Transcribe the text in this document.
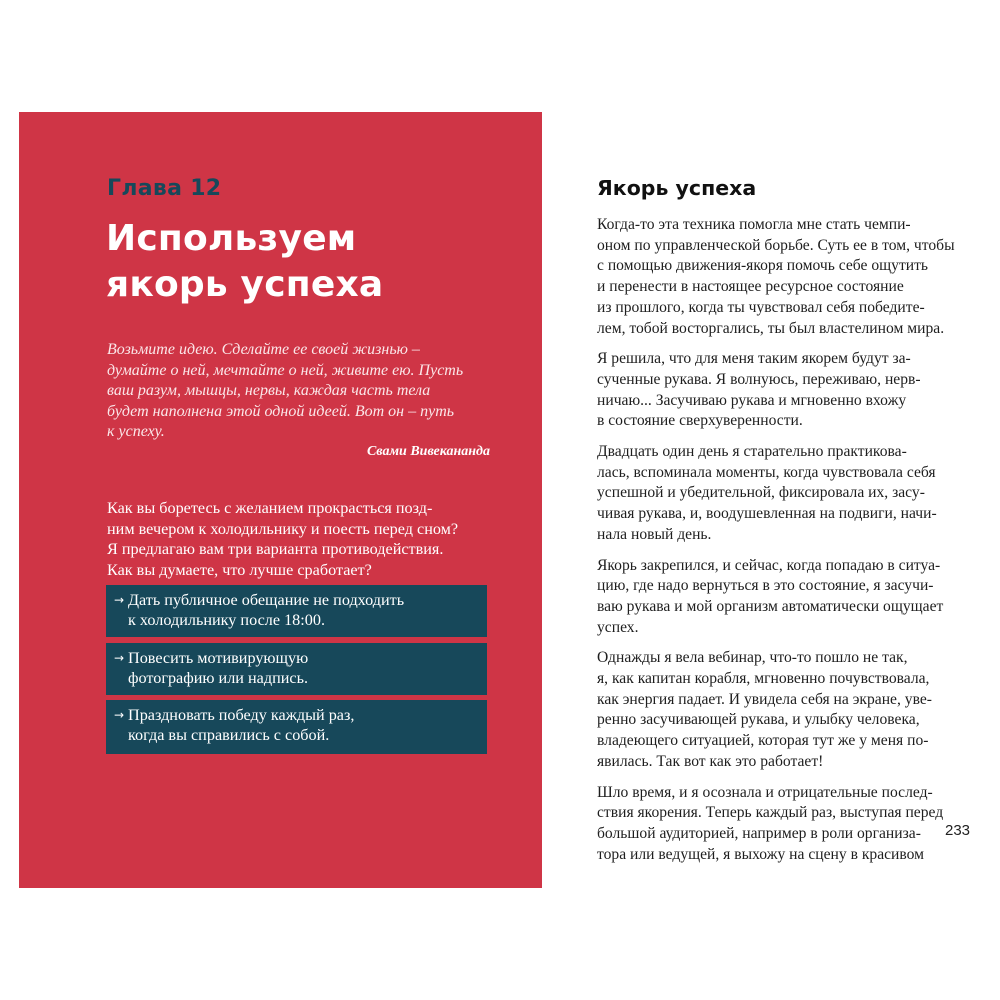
Глава 12
Используем
якорь успеха
Возьмите идею. Сделайте ее своей жизнью –
думайте о ней, мечтайте о ней, живите ею. Пусть
ваш разум, мышцы, нервы, каждая часть тела
будет наполнена этой одной идеей. Вот он – путь
к успеху.
Свами Вивекананда
Как вы боретесь с желанием прокрасться позд-
ним вечером к холодильнику и поесть перед сном?
Я предлагаю вам три варианта противодействия.
Как вы думаете, что лучше сработает?
→ Дать публичное обещание не подходить
к холодильнику после 18:00.
→ Повесить мотивирующую
фотографию или надпись.
→ Праздновать победу каждый раз,
когда вы справились с собой.
Якорь успеха
Когда-то эта техника помогла мне стать чемпи-
оном по управленческой борьбе. Суть ее в том, чтобы
с помощью движения-якоря помочь себе ощутить
и перенести в настоящее ресурсное состояние
из прошлого, когда ты чувствовал себя победите-
лем, тобой восторгались, ты был властелином мира.
Я решила, что для меня таким якорем будут за-
сученные рукава. Я волнуюсь, переживаю, нерв-
ничаю... Засучиваю рукава и мгновенно вхожу
в состояние сверхуверенности.
Двадцать один день я старательно практикова-
лась, вспоминала моменты, когда чувствовала себя
успешной и убедительной, фиксировала их, засу-
чивая рукава, и, воодушевленная на подвиги, начи-
нала новый день.
Якорь закрепился, и сейчас, когда попадаю в ситуа-
цию, где надо вернуться в это состояние, я засучи-
ваю рукава и мой организм автоматически ощущает
успех.
Однажды я вела вебинар, что-то пошло не так,
я, как капитан корабля, мгновенно почувствовала,
как энергия падает. И увидела себя на экране, уве-
ренно засучивающей рукава, и улыбку человека,
владеющего ситуацией, которая тут же у меня по-
явилась. Так вот как это работает!
Шло время, и я осознала и отрицательные послед-
ствия якорения. Теперь каждый раз, выступая перед
большой аудиторией, например в роли организа-
тора или ведущей, я выхожу на сцену в красивом
233
